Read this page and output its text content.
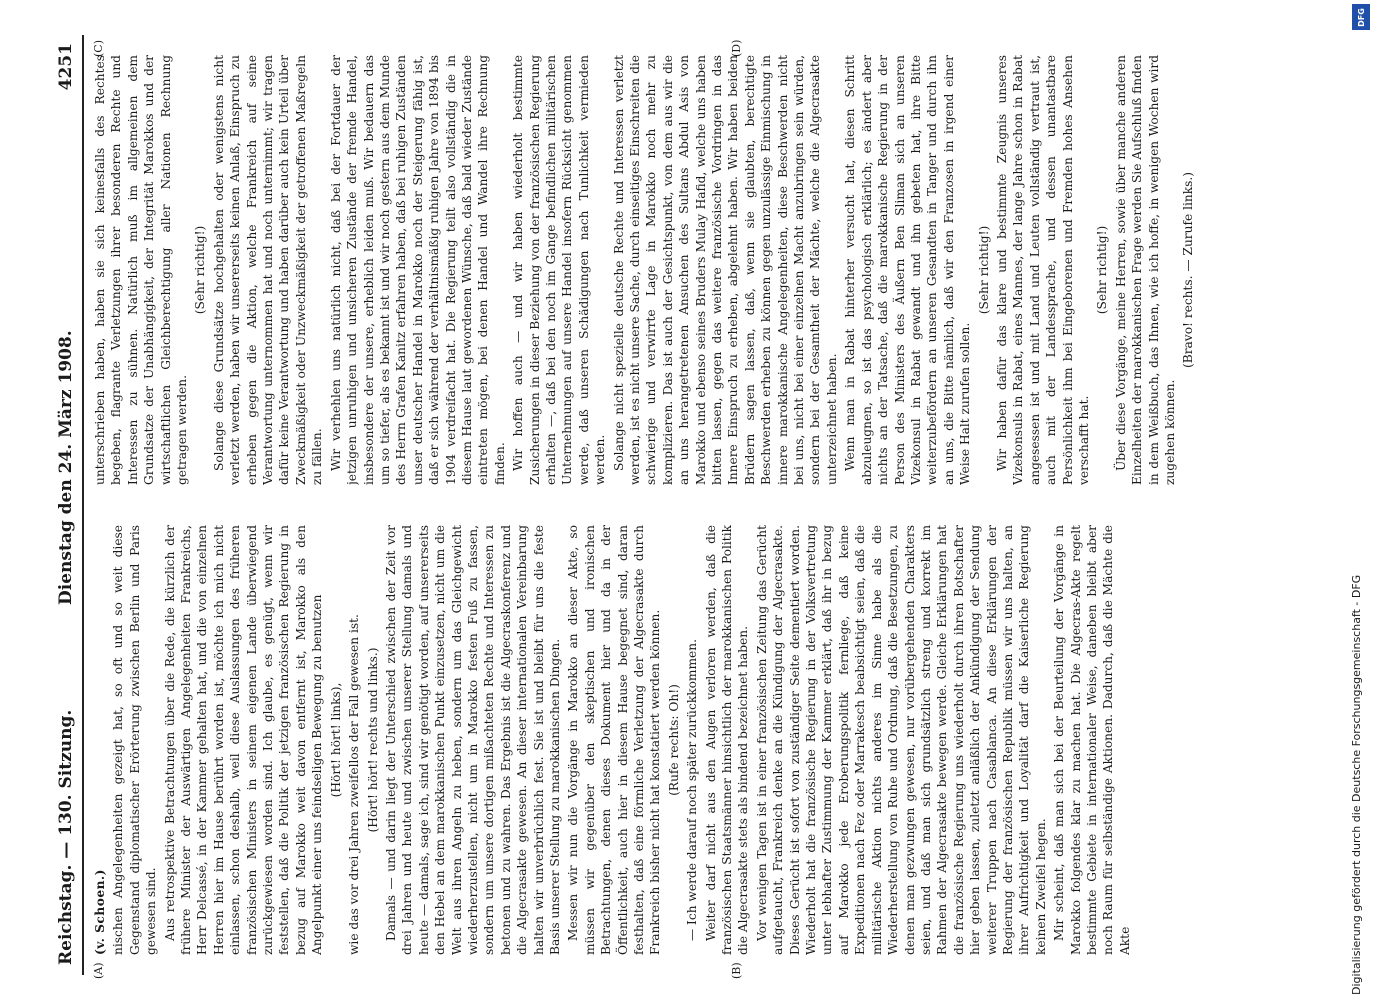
Reichstag. — 130. Sitzung.
Dienstag den 24. März 1908.
4251
(A)	(B)
(C)	(D)

(v. Schoen.) nischen Angelegenheiten gezeigt hat, so oft und so weit diese Gegenstand diplomatischer Erörterung zwischen Berlin und Paris gewesen sind. Aus retrospektive Betrachtungen über die Rede, die kürzlich der frühere Minister der Auswärtigen Angelegenheiten Frankreichs, Herr Delcassé, in der Kammer gehalten hat, und die von einzelnen Herren hier im Hause berührt worden ist, möchte ich mich nicht einlassen, schon deshalb, weil diese Auslassungen des früheren französischen Ministers in seinem eigenen Lande überwiegend zurückgewiesen worden sind. Ich glaube, es genügt, wenn wir feststellen, daß die Politik der jetzigen französischen Regierung in bezug auf Marokko weit davon entfernt ist, Marokko als den Angelpunkt einer uns feindseligen Bewegung zu benutzen (Hört! hört! links), wie das vor drei Jahren zweifellos der Fall gewesen ist. (Hört! hört! rechts und links.) Damals — und darin liegt der Unterschied zwischen der Zeit vor drei Jahren und heute und zwischen unserer Stellung damals und heute — damals, sage ich, sind wir genötigt worden, auf unsererseits den Hebel an dem marokkanischen Punkt einzusetzen, nicht um die Welt aus ihren Angeln zu heben, sondern um das Gleichgewicht wiederherzustellen, nicht um in Marokko festen Fuß zu fassen, sondern um unsere dortigen mißachteten Rechte und Interessen zu betonen und zu wahren. Das Ergebnis ist die Algecraskonferenz und die Algecrasakte gewesen. An dieser internationalen Vereinbarung halten wir unverbrüchlich fest. Sie ist und bleibt für uns die feste Basis unserer Stellung zu marokkanischen Dingen. Messen wir nun die Vorgänge in Marokko an dieser Akte, so müssen wir gegenüber den skeptischen und ironischen Betrachtungen, denen dieses Dokument hier und da in der Öffentlichkeit, auch hier in diesem Hause begegnet sind, daran festhalten, daß eine förmliche Verletzung der Algecrasakte durch Frankreich bisher nicht hat konstatiert werden können. (Rufe rechts: Oh!) — Ich werde darauf noch später zurückkommen. Weiter darf nicht aus den Augen verloren werden, daß die französischen Staatsmänner hinsichtlich der marokkanischen Politik die Algecrasakte stets als bindend bezeichnet haben. Vor wenigen Tagen ist in einer französischen Zeitung das Gerücht aufgetaucht, Frankreich denke an die Kündigung der Algecrasakte. Dieses Gerücht ist sofort von zuständiger Seite dementiert worden. Wiederholt hat die französische Regierung in der Volksvertretung unter lebhafter Zustimmung der Kammer erklärt, daß ihr in bezug auf Marokko jede Eroberungspolitik fernliege, daß keine Expeditionen nach Fez oder Marrakesch beabsichtigt seien, daß die militärische Aktion nichts anderes im Sinne habe als die Wiederherstellung von Ruhe und Ordnung, daß die Besetzungen, zu denen man gezwungen gewesen, nur vorübergehenden Charakters seien, und daß man sich grundsätzlich streng und korrekt im Rahmen der Algecrasakte bewegen werde. Gleiche Erklärungen hat die französische Regierung uns wiederholt durch ihren Botschafter hier geben lassen, zuletzt anläßlich der Ankündigung der Sendung weiterer Truppen nach Casablanca. An diese Erklärungen der Regierung der französischen Republik müssen wir uns halten, an ihrer Aufrichtigkeit und Loyalität darf die Kaiserliche Regierung keinen Zweifel hegen. Mir scheint, daß man sich bei der Beurteilung der Vorgänge in Marokko folgendes klar zu machen hat. Die Algecras-Akte regelt bestimmte Gebiete in internationaler Weise, daneben bleibt aber noch Raum für selbständige Aktionen. Dadurch, daß die Mächte die Akte

unterschrieben haben, haben sie sich keinesfalls des Rechtes begeben, flagrante Verletzungen ihrer besonderen Rechte und Interessen zu sühnen. Natürlich muß im allgemeinen dem Grundsatze der Unabhängigkeit, der Integrität Marokkos und der wirtschaftlichen Gleichberechtigung aller Nationen Rechnung getragen werden.

(Sehr richtig!) Solange diese Grundsätze hochgehalten oder wenigstens nicht verletzt werden, haben wir unsererseits keinen Anlaß, Einspruch zu erheben gegen die Aktion, welche Frankreich auf seine Verantwortung unternommen hat und noch unternimmt; wir tragen dafür keine Verantwortung und haben darüber auch kein Urteil über Zweckmäßigkeit oder Unzweckmäßigkeit der getroffenen Maßregeln zu fällen. Wir verhehlen uns natürlich nicht, daß bei der Fortdauer der jetzigen unruhigen und unsicheren Zustände der fremde Handel, insbesondere der unsere, erheblich leiden muß. Wir bedauern das um so tiefer, als es bekannt ist und wir noch gestern aus dem Munde des Herrn Grafen Kanitz erfahren haben, daß bei ruhigen Zuständen unser deutscher Handel in Marokko noch der Steigerung fähig ist, daß er sich während der verhältnismäßig ruhigen Jahre von 1894 bis 1904 verdreifacht hat. Die Regierung teilt also vollständig die in diesem Hause laut gewordenen Wünsche, daß bald wieder Zustände eintreten mögen, bei denen Handel und Wandel ihre Rechnung finden. Wir hoffen auch — und wir haben wiederholt bestimmte Zusicherungen in dieser Beziehung von der französischen Regierung erhalten —, daß bei den noch im Gange befindlichen militärischen Unternehmungen auf unsere Handel insofern Rücksicht genommen werde, daß unseren Schädigungen nach Tunlichkeit vermieden werden. Solange nicht spezielle deutsche Rechte und Interessen verletzt werden, ist es nicht unsere Sache, durch einseitiges Einschreiten die schwierige und verwirrte Lage in Marokko noch mehr zu komplizieren. Das ist auch der Gesichtspunkt, von dem aus wir die an uns herangetretenen Ansuchen des Sultans Abdul Asis von Marokko und ebenso seines Bruders Mulay Hafid, welche uns haben bitten lassen, gegen das weitere französische Vordringen in das Innere Einspruch zu erheben, abgelehnt haben. Wir haben beiden Brüdern sagen lassen, daß, wenn sie glaubten, berechtigte Beschwerden erheben zu können gegen unzulässige Einmischung in innere marokkanische Angelegenheiten, diese Beschwerden nicht bei uns, nicht bei einer einzelnen Macht anzubringen sein würden, sondern bei der Gesamtheit der Mächte, welche die Algecrasakte unterzeichnet haben. Wenn man in Rabat hinterher versucht hat, diesen Schritt abzuleugnen, so ist das psychologisch erklärlich; es ändert aber nichts an der Tatsache, daß die marokkanische Regierung in der Person des Ministers des Äußern Ben Sliman sich an unseren Vizekonsul in Rabat gewandt und ihn gebeten hat, ihre Bitte weiterzubefördern an unseren Gesandten in Tanger und durch ihn an uns, die Bitte nämlich, daß wir den Franzosen in irgend einer Weise Halt zurufen sollen.

(Sehr richtig!) Wir haben dafür das klare und bestimmte Zeugnis unseres Vizekonsuls in Rabat, eines Mannes, der lange Jahre schon in Rabat angesessen ist und mit Land und Leuten vollständig vertraut ist, auch mit der Landessprache, und dessen unantastbare Persönlichkeit ihm bei Eingeborenen und Fremden hohes Ansehen verschafft hat.

(Sehr richtig!) Über diese Vorgänge, meine Herren, sowie über manche anderen Einzelheiten der marokkanischen Frage werden Sie Aufschluß finden in dem Weißbuch, das Ihnen, wie ich hoffe, in wenigen Wochen wird zugehen können.

(Bravo! rechts. — Zurufe links.)

DFG
Digitalisierung gefördert durch die Deutsche Forschungsgemeinschaft - DFG
